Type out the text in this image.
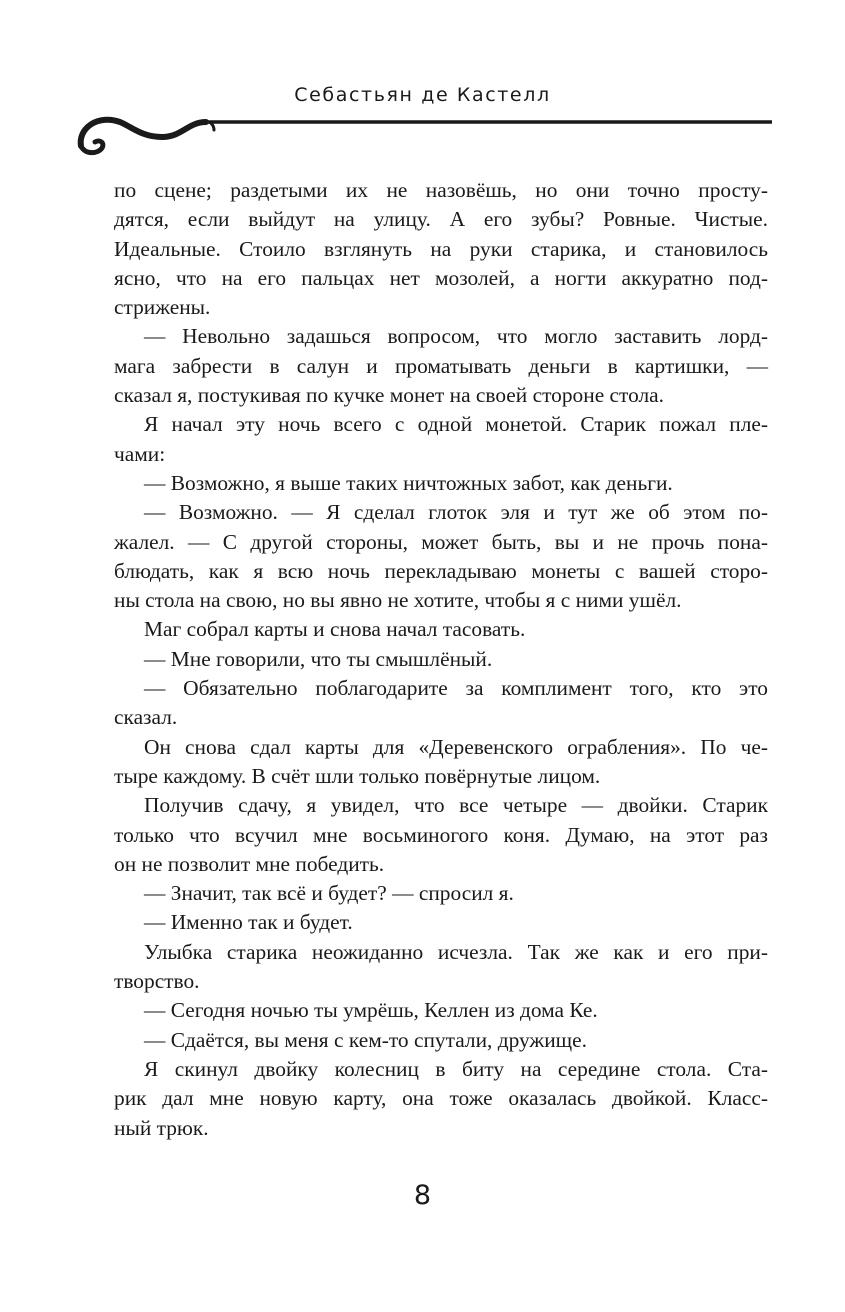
Себастьян де Кастелл
по сцене; раздетыми их не назовёшь, но они точно просту-
дятся, если выйдут на улицу. А его зубы? Ровные. Чистые.
Идеальные. Стоило взглянуть на руки старика, и становилось
ясно, что на его пальцах нет мозолей, а ногти аккуратно под-
стрижены.
— Невольно задашься вопросом, что могло заставить лорд-
мага забрести в салун и проматывать деньги в картишки, —
сказал я, постукивая по кучке монет на своей стороне стола.
Я начал эту ночь всего с одной монетой. Старик пожал пле-
чами:
— Возможно, я выше таких ничтожных забот, как деньги.
— Возможно. — Я сделал глоток эля и тут же об этом по-
жалел. — С другой стороны, может быть, вы и не прочь пона-
блюдать, как я всю ночь перекладываю монеты с вашей сторо-
ны стола на свою, но вы явно не хотите, чтобы я с ними ушёл.
Маг собрал карты и снова начал тасовать.
— Мне говорили, что ты смышлёный.
— Обязательно поблагодарите за комплимент того, кто это
сказал.
Он снова сдал карты для «Деревенского ограбления». По че-
тыре каждому. В счёт шли только повёрнутые лицом.
Получив сдачу, я увидел, что все четыре — двойки. Старик
только что всучил мне восьминогого коня. Думаю, на этот раз
он не позволит мне победить.
— Значит, так всё и будет? — спросил я.
— Именно так и будет.
Улыбка старика неожиданно исчезла. Так же как и его при-
творство.
— Сегодня ночью ты умрёшь, Келлен из дома Ке.
— Сдаётся, вы меня с кем-то спутали, дружище.
Я скинул двойку колесниц в биту на середине стола. Ста-
рик дал мне новую карту, она тоже оказалась двойкой. Класс-
ный трюк.
8
